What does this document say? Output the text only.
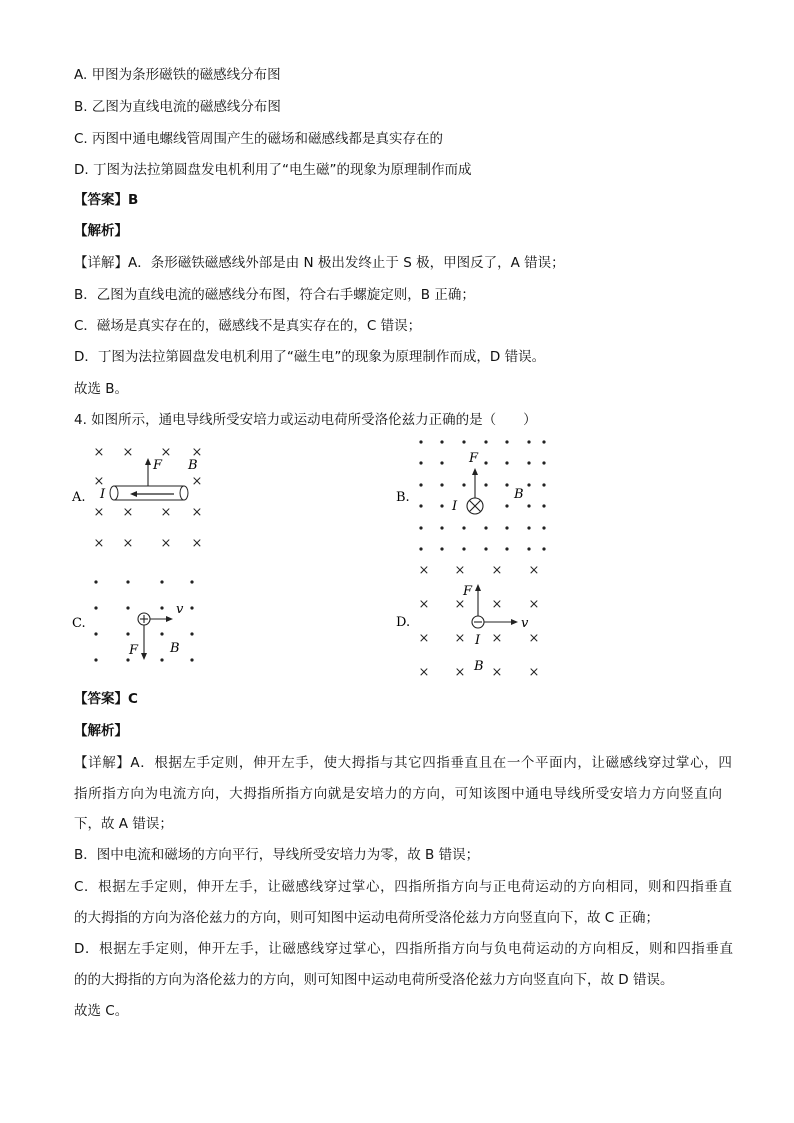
A. 甲图为条形磁铁的磁感线分布图
B. 乙图为直线电流的磁感线分布图
C. 丙图中通电螺线管周围产生的磁场和磁感线都是真实存在的
D. 丁图为法拉第圆盘发电机利用了“电生磁”的现象为原理制作而成
【答案】B
【解析】
【详解】A．条形磁铁磁感线外部是由 N 极出发终止于 S 极，甲图反了，A 错误；
B．乙图为直线电流的磁感线分布图，符合右手螺旋定则，B 正确；
C．磁场是真实存在的，磁感线不是真实存在的，C 错误；
D．丁图为法拉第圆盘发电机利用了“磁生电”的现象为原理制作而成，D 错误。
故选 B。
4. 如图所示，通电导线所受安培力或运动电荷所受洛伦兹力正确的是（　　）
A.
× × × ×
×	×
× × × ×
× × × ×
F B
I	B.
F
I
B
C.
v
F B
D.
× × × ×
× × × ×
× × × ×
× × × ×
F
v
I
B
【答案】C
【解析】
【详解】A．根据左手定则，伸开左手，使大拇指与其它四指垂直且在一个平面内，让磁感线穿过掌心，四
指所指方向为电流方向，大拇指所指方向就是安培力的方向，可知该图中通电导线所受安培力方向竖直向
下，故 A 错误；
B．图中电流和磁场的方向平行，导线所受安培力为零，故 B 错误；
C．根据左手定则，伸开左手，让磁感线穿过掌心，四指所指方向与正电荷运动的方向相同，则和四指垂直
的大拇指的方向为洛伦兹力的方向，则可知图中运动电荷所受洛伦兹力方向竖直向下，故 C 正确；
D．根据左手定则，伸开左手，让磁感线穿过掌心，四指所指方向与负电荷运动的方向相反，则和四指垂直
的的大拇指的方向为洛伦兹力的方向，则可知图中运动电荷所受洛伦兹力方向竖直向下，故 D 错误。
故选 C。
